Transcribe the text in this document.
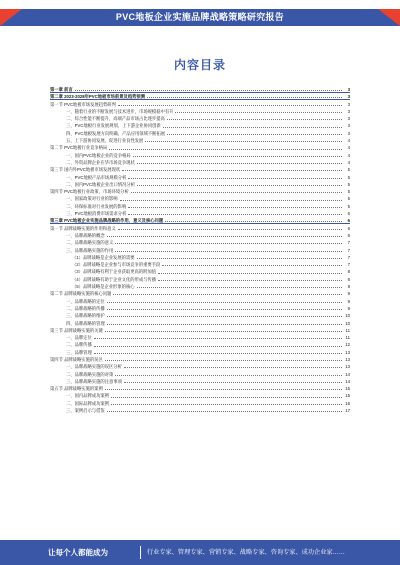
PVC地板企业实施品牌战略策略研究报告
内容目录
第一章 前言	3
第二章 2023-2028年PVC地板市场前景及趋势预测	3
第一节 PVC地板市场发展趋势研判	3
一、随着行业的不断发展与技术进步，市场规模稳中有升	3
二、综合性能不断提升，高端产品市场占比逐步提高	3
三、PVC地板行业发展规划，上下游企业协同创新	3
四、PVC地板发展方向明确，产品应用领域不断拓展	3
五、上下游协同发展，促进行业良性发展	4
第二节 PVC地板行业竞争格局	4
一、国内PVC地板企业的竞争格局	4
二、外资品牌企业在华市场竞争现状	4
第三节 国内外PVC地板市场发展现状	5
一、PVC地板产品市场规模分析	5
二、国内PVC地板企业出口情况分析	5
第四节 PVC地板行业政策、市场环境分析	5
一、国家政策对行业的影响	5
二、环保标准对行业发展的影响	5
三、PVC地板消费市场需求分析	6
第三章 PVC地板企业实施品牌战略的作用、意义及核心问题	6
第一节 品牌战略实施的作用和意义	6
一、品牌战略的概念	6
二、品牌战略实施的意义	7
三、品牌战略实施的作用	7
（1）品牌战略是企业发展的需要	7
（2）品牌战略是企业参与市场竞争的重要手段	7
（3）品牌战略有利于企业获取更高的附加值	8
（4）品牌战略有助于企业文化的形成与传播	8
（5）品牌战略是企业形象的核心	8
第二节 品牌战略实施的核心问题	9
一、品牌战略的定位	9
二、品牌战略的传播	9
三、品牌战略的维护	10
四、品牌战略的管理	10
第三节 品牌战略实施的关键	11
一、品牌定位	11
二、品牌传播	12
三、品牌管理	13
第四节 品牌战略实施的误区	13
一、品牌战略实施的误区分析	13
二、品牌战略实施的对策	14
三、品牌战略实施的注意事项	14
第五节 品牌战略实施的案例	15
一、国内品牌成功案例	15
二、国际品牌成功案例	16
三、案例启示与借鉴	17
让每个人都能成为	行业专家、管理专家、营销专家、战略专家、咨询专家、成功企业家……
